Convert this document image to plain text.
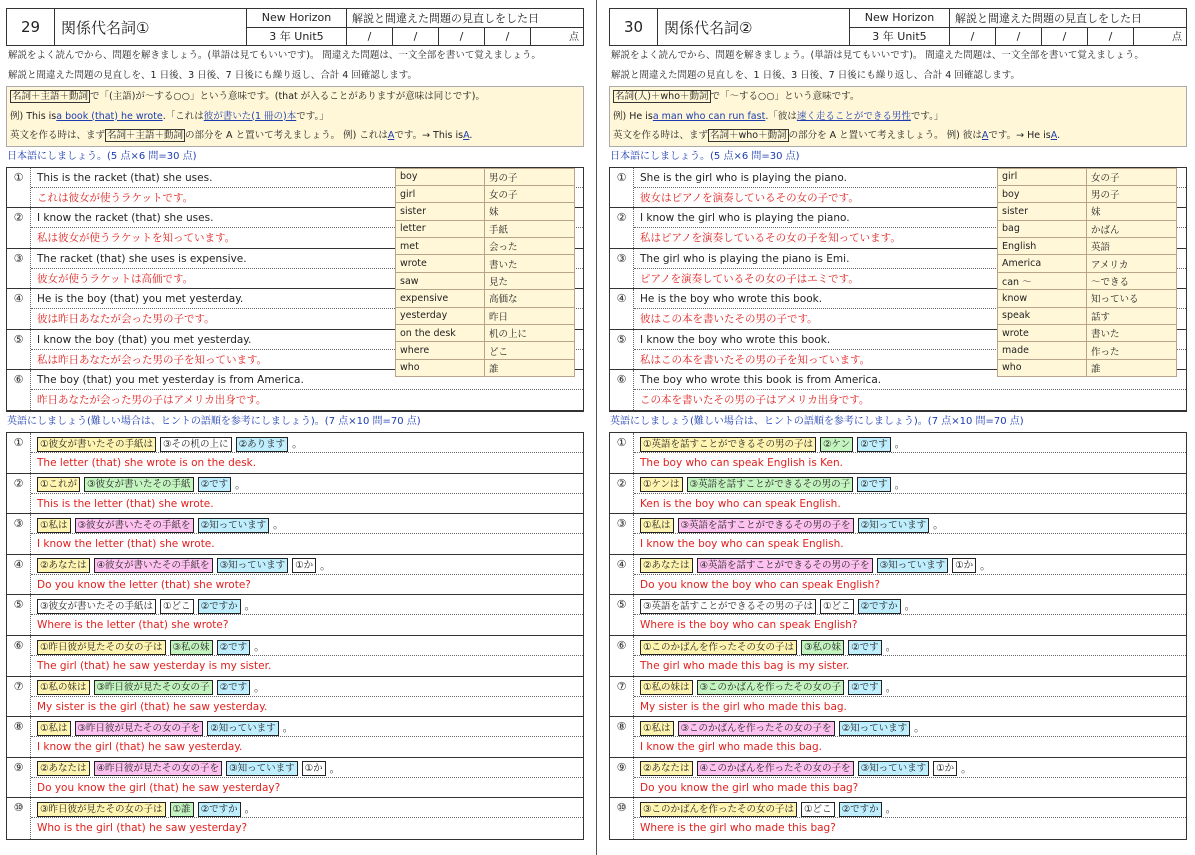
29	関係代名詞①
New Horizon
3 年 Unit5
解説と間違えた問題の見直しをした日
/	/	/	/	点
解説をよく読んでから、問題を解きましょう。(単語は見てもいいです)。 間違えた問題は、一文全部を書いて覚えましょう。
解説と間違えた問題の見直しを、1 日後、3 日後、7 日後にも繰り返し、合計 4 回確認します。
名詞＋主語＋動詞 で「(主語)が～する○○」という意味です。(that が入ることがありますが意味は同じです)。
例) This isa book (that) he wrote.「これは彼が書いた(1 冊の)本です。」
英文を作る時は、まず 名詞＋主語＋動詞 の部分を A と置いて考えましょう。 例) これはAです。→ This isA.
日本語にしましょう。(5 点×6 問=30 点)
①	This is the racket (that) she uses.
これは彼女が使うラケットです。
②	I know the racket (that) she uses.
私は彼女が使うラケットを知っています。
③	The racket (that) she uses is expensive.
彼女が使うラケットは高価です。
④	He is the boy (that) you met yesterday.
彼は昨日あなたが会った男の子です。
⑤	I know the boy (that) you met yesterday.
私は昨日あなたが会った男の子を知っています。
⑥	The boy (that) you met yesterday is from America.
昨日あなたが会った男の子はアメリカ出身です。
boy	男の子
girl	女の子
sister	妹
letter	手紙
met	会った
wrote	書いた
saw	見た
expensive	高価な
yesterday	昨日
on the desk	机の上に
where	どこ
who	誰
英語にしましょう(難しい場合は、ヒントの語順を参考にしましょう)。(7 点×10 問=70 点)
①	①彼女が書いたその手紙は ③その机の上に ②あります 。
The letter (that) she wrote is on the desk.
②	①これが ③彼女が書いたその手紙 ②です 。
This is the letter (that) she wrote.
③	①私は ③彼女が書いたその手紙を ②知っています 。
I know the letter (that) she wrote.
④	②あなたは ④彼女が書いたその手紙を ③知っています ①か 。
Do you know the letter (that) she wrote?
⑤	③彼女が書いたその手紙は ①どこ ②ですか 。
Where is the letter (that) she wrote?
⑥	①昨日彼が見たその女の子は ③私の妹 ②です 。
The girl (that) he saw yesterday is my sister.
⑦	①私の妹は ③昨日彼が見たその女の子 ②です 。
My sister is the girl (that) he saw yesterday.
⑧	①私は ③昨日彼が見たその女の子を ②知っています 。
I know the girl (that) he saw yesterday.
⑨	②あなたは ④昨日彼が見たその女の子を ③知っています ①か 。
Do you know the girl (that) he saw yesterday?
⑩	③昨日彼が見たその女の子は ①誰 ②ですか 。
Who is the girl (that) he saw yesterday?
30	関係代名詞②
New Horizon
3 年 Unit5
解説と間違えた問題の見直しをした日
/	/	/	/	点
解説をよく読んでから、問題を解きましょう。(単語は見てもいいです)。 間違えた問題は、一文全部を書いて覚えましょう。
解説と間違えた問題の見直しを、1 日後、3 日後、7 日後にも繰り返し、合計 4 回確認します。
名詞(人)＋who＋動詞 で「～する○○」という意味です。
例) He isa man who can run fast.「彼は速く走ることができる男性です。」
英文を作る時は、まず 名詞＋who＋動詞 の部分を A と置いて考えましょう。 例) 彼はAです。→ He isA.
日本語にしましょう。(5 点×6 問=30 点)
①	She is the girl who is playing the piano.
彼女はピアノを演奏しているその女の子です。
②	I know the girl who is playing the piano.
私はピアノを演奏しているその女の子を知っています。
③	The girl who is playing the piano is Emi.
ピアノを演奏しているその女の子はエミです。
④	He is the boy who wrote this book.
彼はこの本を書いたその男の子です。
⑤	I know the boy who wrote this book.
私はこの本を書いたその男の子を知っています。
⑥	The boy who wrote this book is from America.
この本を書いたその男の子はアメリカ出身です。
girl	女の子
boy	男の子
sister	妹
bag	かばん
English	英語
America	アメリカ
can ～	～できる
know	知っている
speak	話す
wrote	書いた
made	作った
who	誰
英語にしましょう(難しい場合は、ヒントの語順を参考にしましょう)。(7 点×10 問=70 点)
①	①英語を話すことができるその男の子は ②ケン ②です 。
The boy who can speak English is Ken.
②	①ケンは ③英語を話すことができるその男の子 ②です 。
Ken is the boy who can speak English.
③	①私は ③英語を話すことができるその男の子を ②知っています 。
I know the boy who can speak English.
④	②あなたは ④英語を話すことができるその男の子を ③知っています ①か 。
Do you know the boy who can speak English?
⑤	③英語を話すことができるその男の子は ①どこ ②ですか 。
Where is the boy who can speak English?
⑥	①このかばんを作ったその女の子は ③私の妹 ②です 。
The girl who made this bag is my sister.
⑦	①私の妹は ③このかばんを作ったその女の子 ②です 。
My sister is the girl who made this bag.
⑧	①私は ③このかばんを作ったその女の子を ②知っています 。
I know the girl who made this bag.
⑨	②あなたは ④このかばんを作ったその女の子を ③知っています ①か 。
Do you know the girl who made this bag?
⑩	③このかばんを作ったその女の子は ①どこ ②ですか 。
Where is the girl who made this bag?
